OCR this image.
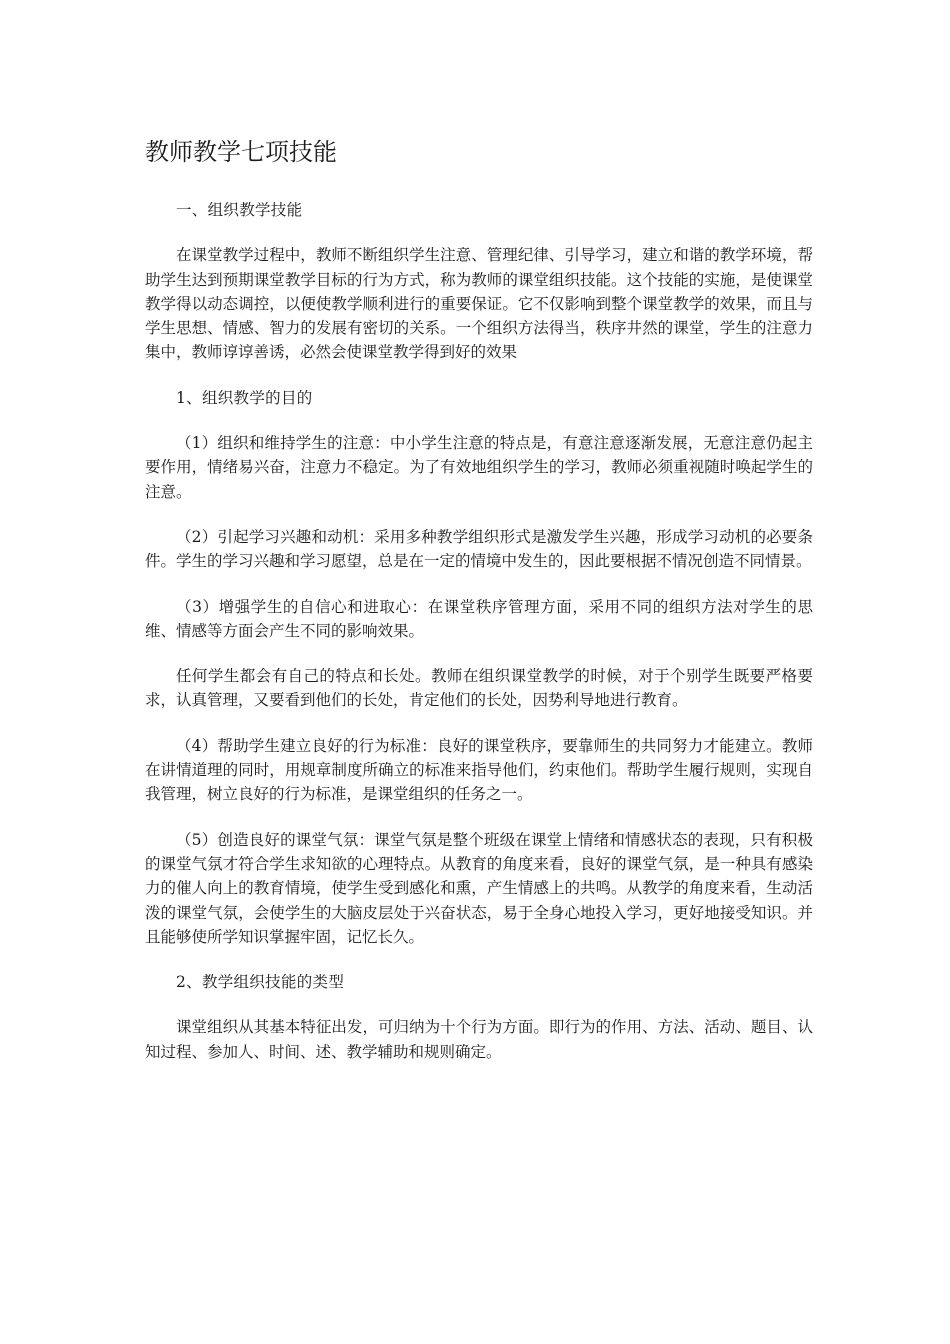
教师教学七项技能

一、组织教学技能

在课堂教学过程中，教师不断组织学生注意、管理纪律、引导学习，建立和谐的教学环境，帮助学生达到预期课堂教学目标的行为方式，称为教师的课堂组织技能。这个技能的实施，是使课堂教学得以动态调控，以便使教学顺利进行的重要保证。它不仅影响到整个课堂教学的效果，而且与学生思想、情感、智力的发展有密切的关系。一个组织方法得当，秩序井然的课堂，学生的注意力集中，教师谆谆善诱，必然会使课堂教学得到好的效果

1、组织教学的目的

（1）组织和维持学生的注意：中小学生注意的特点是，有意注意逐渐发展，无意注意仍起主要作用，情绪易兴奋，注意力不稳定。为了有效地组织学生的学习，教师必须重视随时唤起学生的注意。

（2）引起学习兴趣和动机：采用多种教学组织形式是激发学生兴趣，形成学习动机的必要条件。学生的学习兴趣和学习愿望，总是在一定的情境中发生的，因此要根据不情况创造不同情景。

（3）增强学生的自信心和进取心：在课堂秩序管理方面，采用不同的组织方法对学生的思维、情感等方面会产生不同的影响效果。

任何学生都会有自己的特点和长处。教师在组织课堂教学的时候，对于个别学生既要严格要求，认真管理，又要看到他们的长处，肯定他们的长处，因势利导地进行教育。

（4）帮助学生建立良好的行为标准：良好的课堂秩序，要靠师生的共同努力才能建立。教师在讲情道理的同时，用规章制度所确立的标准来指导他们，约束他们。帮助学生履行规则，实现自我管理，树立良好的行为标准，是课堂组织的任务之一。

（5）创造良好的课堂气氛：课堂气氛是整个班级在课堂上情绪和情感状态的表现，只有积极的课堂气氛才符合学生求知欲的心理特点。从教育的角度来看，良好的课堂气氛，是一种具有感染力的催人向上的教育情境，使学生受到感化和熏，产生情感上的共鸣。从教学的角度来看，生动活泼的课堂气氛，会使学生的大脑皮层处于兴奋状态，易于全身心地投入学习，更好地接受知识。并且能够使所学知识掌握牢固，记忆长久。

2、教学组织技能的类型

课堂组织从其基本特征出发，可归纳为十个行为方面。即行为的作用、方法、活动、题目、认知过程、参加人、时间、述、教学辅助和规则确定。
